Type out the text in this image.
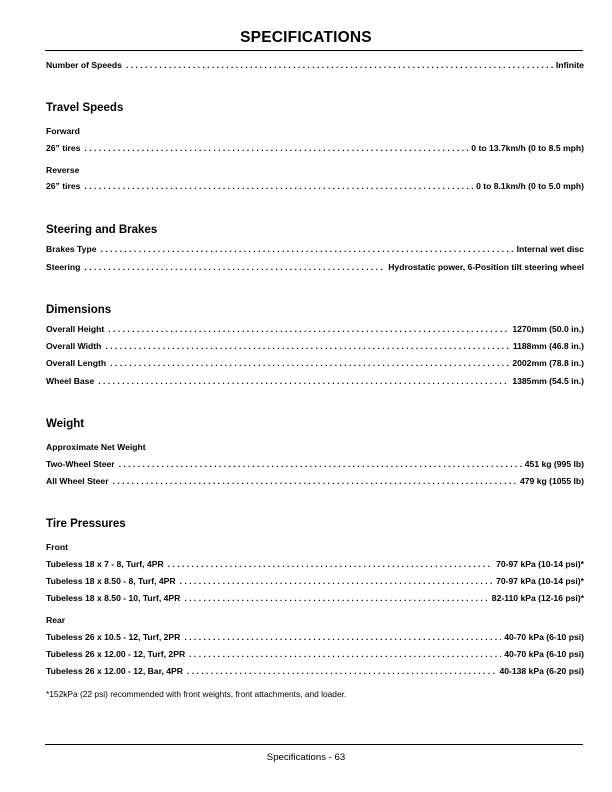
SPECIFICATIONS
Number of Speeds . . .	Infinite
Travel Speeds
Forward
26” tires . . .	0 to 13.7km/h (0 to 8.5 mph)
Reverse
26” tires . . .	0 to 8.1km/h (0 to 5.0 mph)
Steering and Brakes
Brakes Type . . .	Internal wet disc
Steering . . .	Hydrostatic power, 6-Position tilt steering wheel
Dimensions
Overall Height . . .	1270mm (50.0 in.)
Overall Width . . .	1188mm (46.8 in.)
Overall Length . . .	2002mm (78.8 in.)
Wheel Base . . .	1385mm (54.5 in.)
Weight
Approximate Net Weight
Two-Wheel Steer . . .	451 kg (995 lb)
All Wheel Steer . . .	479 kg (1055 lb)
Tire Pressures
Front
Tubeless 18 x 7 - 8, Turf, 4PR . . .	70-97 kPa (10-14 psi)*
Tubeless 18 x 8.50 - 8, Turf, 4PR . . .	70-97 kPa (10-14 psi)*
Tubeless 18 x 8.50 - 10, Turf, 4PR . . .	82-110 kPa (12-16 psi)*
Rear
Tubeless 26 x 10.5 - 12, Turf, 2PR . . .	40-70 kPa (6-10 psi)
Tubeless 26 x 12.00 - 12, Turf, 2PR . . .	40-70 kPa (6-10 psi)
Tubeless 26 x 12.00 - 12, Bar, 4PR . . .	40-138 kPa (6-20 psi)
*152kPa (22 psi) recommended with front weights, front attachments, and loader.
Specifications - 63
